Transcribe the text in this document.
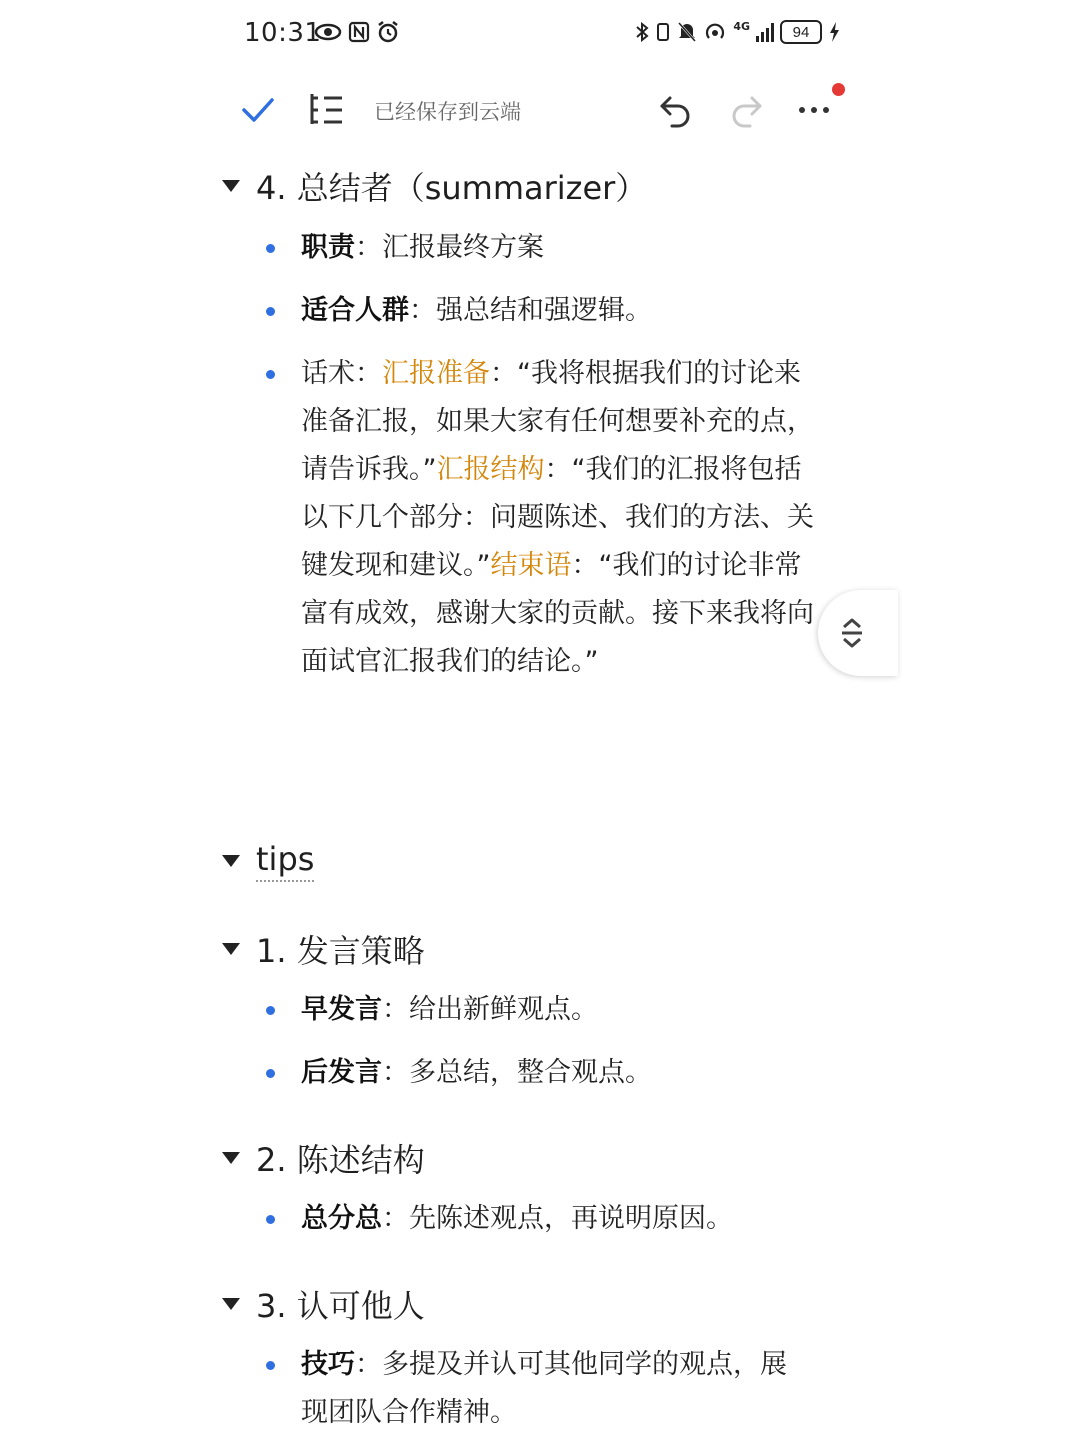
10:31	4G	94
已经保存到云端
4. 总结者（summarizer）
职责：汇报最终方案
适合人群：强总结和强逻辑。
话术：汇报准备：“我将根据我们的讨论来准备汇报，如果大家有任何想要补充的点，请告诉我。”汇报结构：“我们的汇报将包括以下几个部分：问题陈述、我们的方法、关键发现和建议。”结束语：“我们的讨论非常富有成效，感谢大家的贡献。接下来我将向面试官汇报我们的结论。”
tips
1. 发言策略
早发言：给出新鲜观点。
后发言：多总结，整合观点。
2. 陈述结构
总分总：先陈述观点，再说明原因。
3. 认可他人
技巧：多提及并认可其他同学的观点，展现团队合作精神。
